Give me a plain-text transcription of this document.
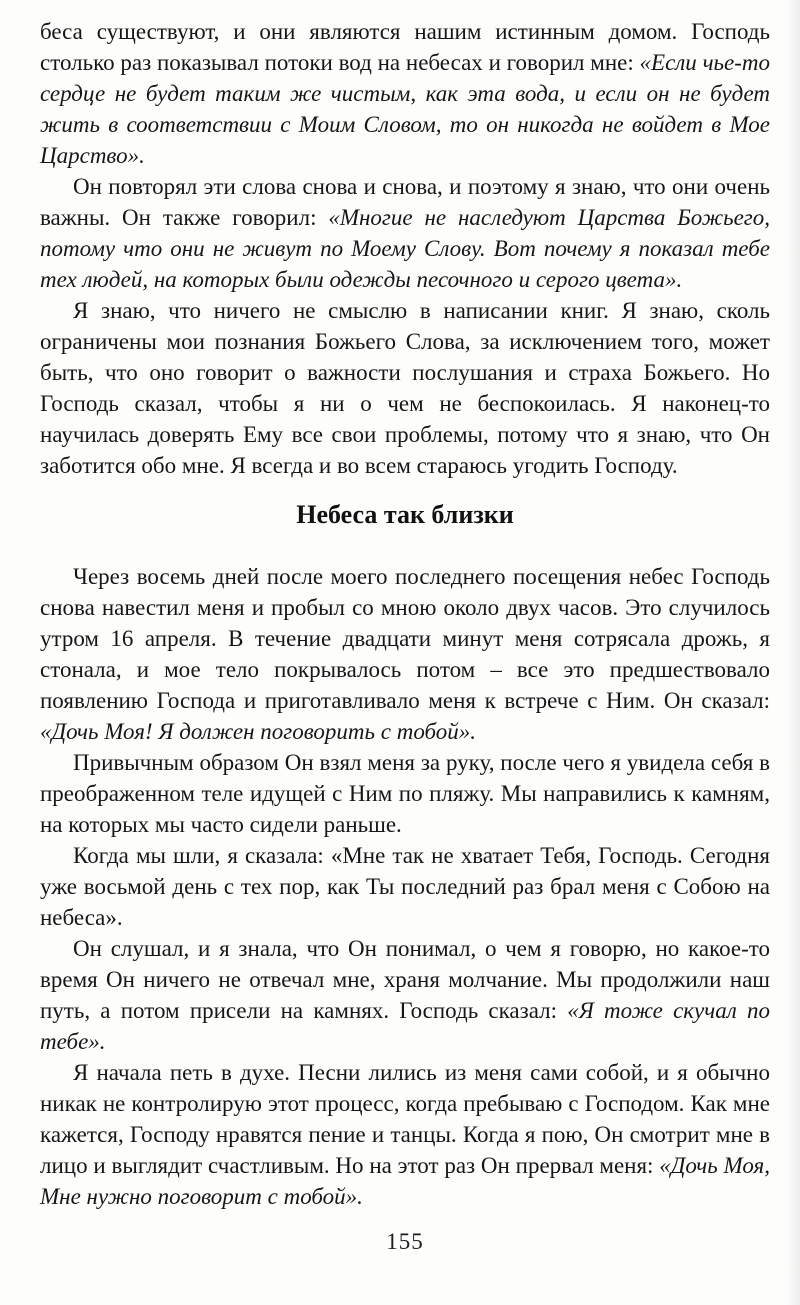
беса существуют, и они являются нашим истинным домом. Господь столько раз показывал потоки вод на небесах и говорил мне: «Если чье-то сердце не будет таким же чистым, как эта вода, и если он не будет жить в соответствии с Моим Словом, то он никогда не войдет в Мое Царство».

Он повторял эти слова снова и снова, и поэтому я знаю, что они очень важны. Он также говорил: «Многие не наследуют Царства Божьего, потому что они не живут по Моему Слову. Вот почему я показал тебе тех людей, на которых были одежды песочного и серого цвета».

Я знаю, что ничего не смыслю в написании книг. Я знаю, сколь ограничены мои познания Божьего Слова, за исключением того, может быть, что оно говорит о важности послушания и страха Божьего. Но Господь сказал, чтобы я ни о чем не беспокоилась. Я наконец-то научилась доверять Ему все свои проблемы, потому что я знаю, что Он заботится обо мне. Я всегда и во всем стараюсь угодить Господу.

Небеса так близки

Через восемь дней после моего последнего посещения небес Господь снова навестил меня и пробыл со мною около двух часов. Это случилось утром 16 апреля. В течение двадцати минут меня сотрясала дрожь, я стонала, и мое тело покрывалось потом – все это предшествовало появлению Господа и приготавливало меня к встрече с Ним. Он сказал: «Дочь Моя! Я должен поговорить с тобой».

Привычным образом Он взял меня за руку, после чего я увидела себя в преображенном теле идущей с Ним по пляжу. Мы направились к камням, на которых мы часто сидели раньше.

Когда мы шли, я сказала: «Мне так не хватает Тебя, Господь. Сегодня уже восьмой день с тех пор, как Ты последний раз брал меня с Собою на небеса».

Он слушал, и я знала, что Он понимал, о чем я говорю, но какое-то время Он ничего не отвечал мне, храня молчание. Мы продолжили наш путь, а потом присели на камнях. Господь сказал: «Я тоже скучал по тебе».

Я начала петь в духе. Песни лились из меня сами собой, и я обычно никак не контролирую этот процесс, когда пребываю с Господом. Как мне кажется, Господу нравятся пение и танцы. Когда я пою, Он смотрит мне в лицо и выглядит счастливым. Но на этот раз Он прервал меня: «Дочь Моя, Мне нужно поговорит с тобой».

155
